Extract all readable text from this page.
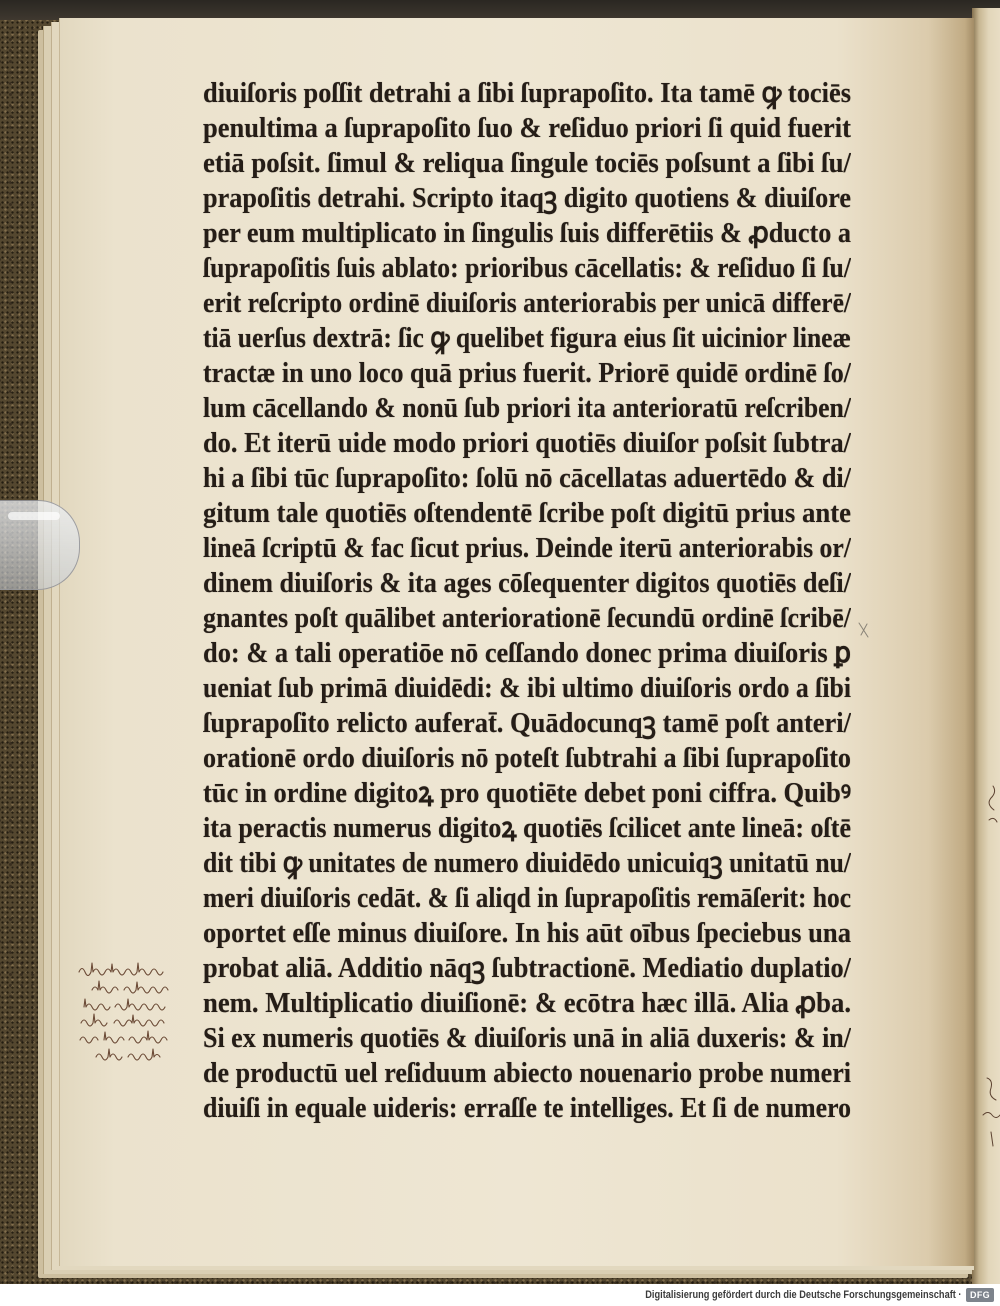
diuiſoris poſſit detrahi a ſibi ſuprapoſito. Ita tamē ꝙ tociēs
penultima a ſuprapoſito ſuo & reſiduo priori ſi quid fuerit
etiā poſsit. ſimul & reliqua ſingule tociēs poſsunt a ſibi ſu/
prapoſitis detrahi. Scripto itaqꝫ digito quotiens & diuiſore
per eum multiplicato in ſingulis ſuis differētiis & ꝓducto a
ſuprapoſitis ſuis ablato: prioribus cācellatis: & reſiduo ſi ſu/
erit reſcripto ordinē diuiſoris anteriorabis per unicā differē/
tiā uerſus dextrā: ſic ꝙ quelibet figura eius ſit uicinior lineæ
tractæ in uno loco quā prius fuerit. Priorē quidē ordinē ſo/
lum cācellando & nonū ſub priori ita anterioratū reſcriben/
do. Et iterū uide modo priori quotiēs diuiſor poſsit ſubtra/
hi a ſibi tūc ſuprapoſito: ſolū nō cācellatas aduertēdo & di/
gitum tale quotiēs oſtendentē ſcribe poſt digitū prius ante
lineā ſcriptū & fac ſicut prius. Deinde iterū anteriorabis or/
dinem diuiſoris & ita ages cōſequenter digitos quotiēs deſi/
gnantes poſt quālibet anteriorationē ſecundū ordinē ſcribē/
do: & a tali operatiōe nō ceſſando donec prima diuiſoris ꝑ
ueniat ſub primā diuidēdi: & ibi ultimo diuiſoris ordo a ſibi
ſuprapoſito relicto auferat̄. Quādocunqꝫ tamē poſt anteri/
orationē ordo diuiſoris nō poteſt ſubtrahi a ſibi ſuprapoſito
tūc in ordine digitoꝝ pro quotiēte debet poni ciffra. Quibꝰ
ita peractis numerus digitoꝝ quotiēs ſcilicet ante lineā: oſtē
dit tibi ꝙ unitates de numero diuidēdo unicuiqꝫ unitatū nu/
meri diuiſoris cedāt. & ſi aliqd in ſuprapoſitis remāſerit: hoc
oportet eſſe minus diuiſore. In his aūt oībus ſpeciebus una
probat aliā. Additio nāqꝫ ſubtractionē. Mediatio duplatio/
nem. Multiplicatio diuiſionē: & ecōtra hæc illā. Alia ꝓba.
Si ex numeris quotiēs & diuiſoris unā in aliā duxeris: & in/
de productū uel reſiduum abiecto nouenario probe numeri
diuiſi in equale uideris: erraſſe te intelliges. Et ſi de numero
Digitalisierung gefördert durch die Deutsche Forschungsgemeinschaft · DFG
